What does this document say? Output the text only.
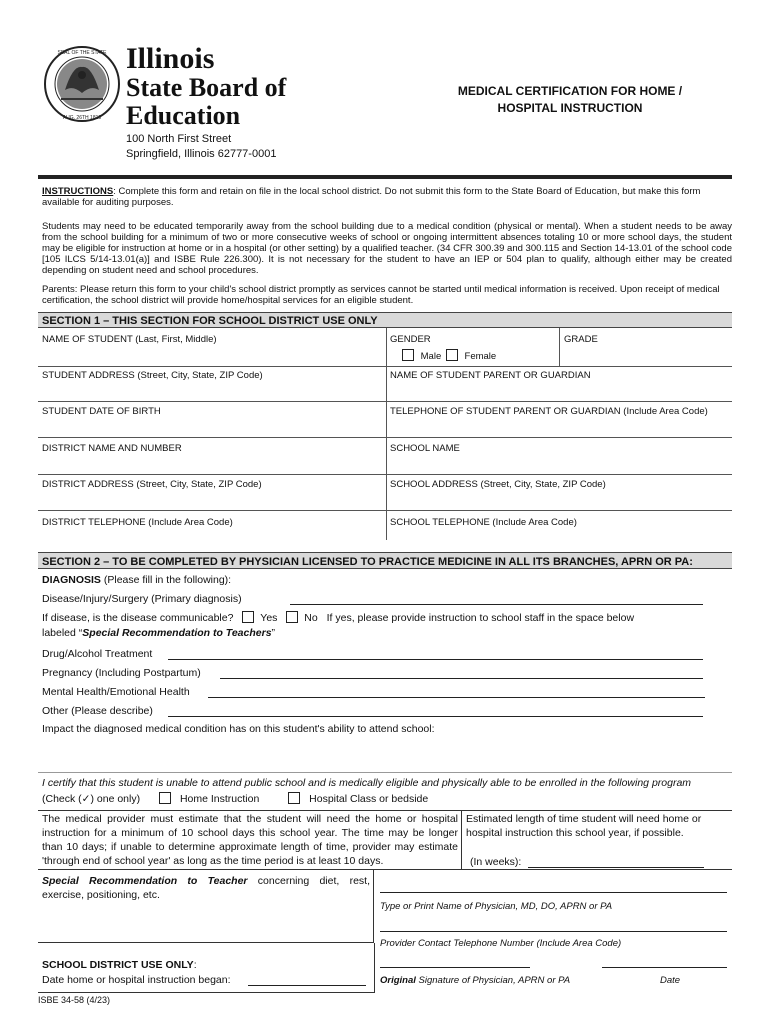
SEAL OF THE STATE
AUG. 26TH 1818
Illinois
State Board of
Education
100 North First Street
Springfield, Illinois 62777-0001
MEDICAL CERTIFICATION FOR HOME /
HOSPITAL INSTRUCTION
INSTRUCTIONS: Complete this form and retain on file in the local school district. Do not submit this form to the State Board of Education, but make this form available for auditing purposes.
Students may need to be educated temporarily away from the school building due to a medical condition (physical or mental). When a student needs to be away from the school building for a minimum of two or more consecutive weeks of school or ongoing intermittent absences totaling 10 or more school days, the student may be eligible for instruction at home or in a hospital (or other setting) by a qualified teacher. (34 CFR 300.39 and 300.115 and Section 14-13.01 of the school code [105 ILCS 5/14-13.01(a)] and ISBE Rule 226.300). It is not necessary for the student to have an IEP or 504 plan to qualify, although either may be created depending on student need and school procedures.
Parents: Please return this form to your child's school district promptly as services cannot be started until medical information is received. Upon receipt of medical certification, the school district will provide home/hospital services for an eligible student.
SECTION 1 – THIS SECTION FOR SCHOOL DISTRICT USE ONLY
NAME OF STUDENT (Last, First, Middle)	GENDER	GRADE
Male Female
STUDENT ADDRESS (Street, City, State, ZIP Code)	NAME OF STUDENT PARENT OR GUARDIAN
STUDENT DATE OF BIRTH	TELEPHONE OF STUDENT PARENT OR GUARDIAN (Include Area Code)
DISTRICT NAME AND NUMBER	SCHOOL NAME
DISTRICT ADDRESS (Street, City, State, ZIP Code)	SCHOOL ADDRESS (Street, City, State, ZIP Code)
DISTRICT TELEPHONE (Include Area Code)	SCHOOL TELEPHONE (Include Area Code)
SECTION 2 – TO BE COMPLETED BY PHYSICIAN LICENSED TO PRACTICE MEDICINE IN ALL ITS BRANCHES, APRN OR PA:
DIAGNOSIS (Please fill in the following):
Disease/Injury/Surgery (Primary diagnosis)
If disease, is the disease communicable?	Yes	No If yes, please provide instruction to school staff in the space below
labeled “Special Recommendation to Teachers”
Drug/Alcohol Treatment
Pregnancy (Including Postpartum)
Mental Health/Emotional Health
Other (Please describe)
Impact the diagnosed medical condition has on this student's ability to attend school:
I certify that this student is unable to attend public school and is medically eligible and physically able to be enrolled in the following program
(Check (✓) one only)	Home Instruction	Hospital Class or bedside
The medical provider must estimate that the student will need the home or hospital instruction for a minimum of 10 school days this school year. The time may be longer than 10 days; if unable to determine approximate length of time, provider may estimate 'through end of school year' as long as the time period is at least 10 days.
Estimated length of time student will need home or hospital instruction this school year, if possible.
(In weeks):
Special Recommendation to Teacher concerning diet, rest, exercise, positioning, etc.
Type or Print Name of Physician, MD, DO, APRN or PA
Provider Contact Telephone Number (Include Area Code)
Original Signature of Physician, APRN or PA	Date
SCHOOL DISTRICT USE ONLY:
Date home or hospital instruction began:
ISBE 34-58 (4/23)
